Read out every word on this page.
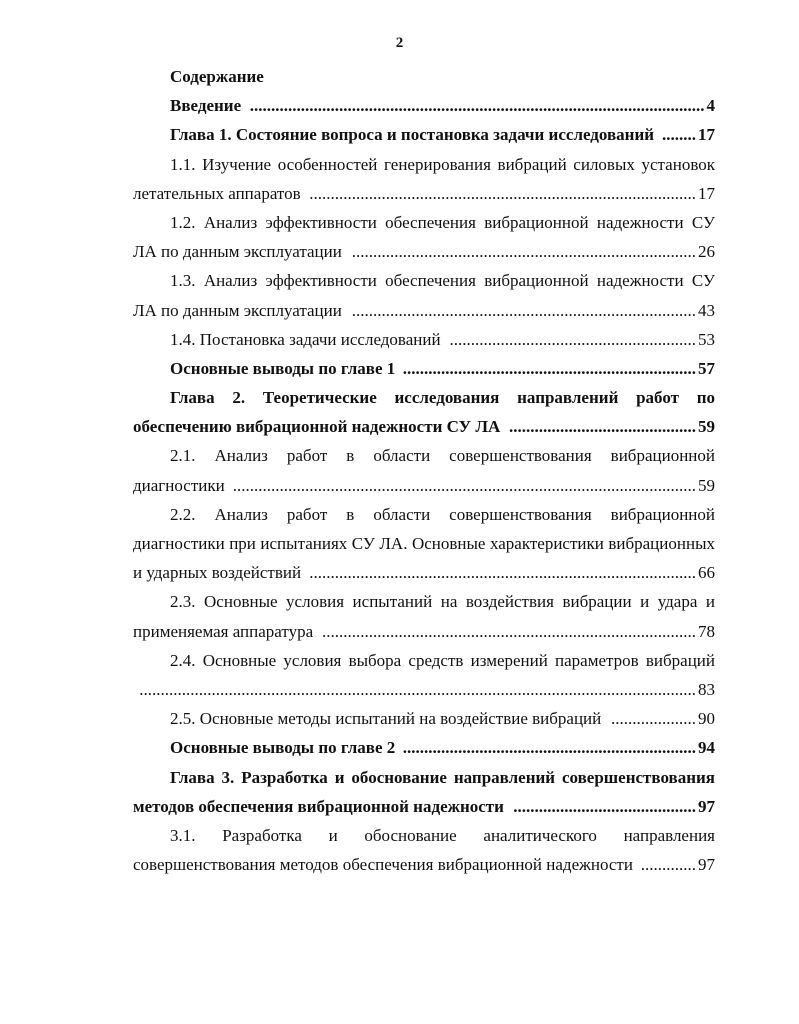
2
Содержание
Введение ........................................................................................................... 4
Глава 1. Состояние вопроса и постановка задачи исследований ........ 17
1.1. Изучение особенностей генерирования вибраций силовых установок
летательных аппаратов ........................................................................................... 17
1.2. Анализ эффективности обеспечения вибрационной надежности СУ
ЛА по данным эксплуатации ................................................................................. 26
1.3. Анализ эффективности обеспечения вибрационной надежности СУ
ЛА по данным эксплуатации ................................................................................. 43
1.4. Постановка задачи исследований .......................................................... 53
Основные выводы по главе 1 ..................................................................... 57
Глава 2. Теоретические исследования направлений работ по
обеспечению вибрационной надежности СУ ЛА ............................................ 59
2.1. Анализ работ в области совершенствования вибрационной
диагностики ............................................................................................................. 59
2.2. Анализ работ в области совершенствования вибрационной
диагностики при испытаниях СУ ЛА. Основные характеристики вибрационных
и ударных воздействий ........................................................................................... 66
2.3. Основные условия испытаний на воздействия вибрации и удара и
применяемая аппаратура ........................................................................................ 78
2.4. Основные условия выбора средств измерений параметров вибраций
................................................................................................................................... 83
2.5. Основные методы испытаний на воздействие вибраций .................... 90
Основные выводы по главе 2 ..................................................................... 94
Глава 3. Разработка и обоснование направлений совершенствования
методов обеспечения вибрационной надежности ........................................... 97
3.1. Разработка и обоснование аналитического направления
совершенствования методов обеспечения вибрационной надежности ............. 97
